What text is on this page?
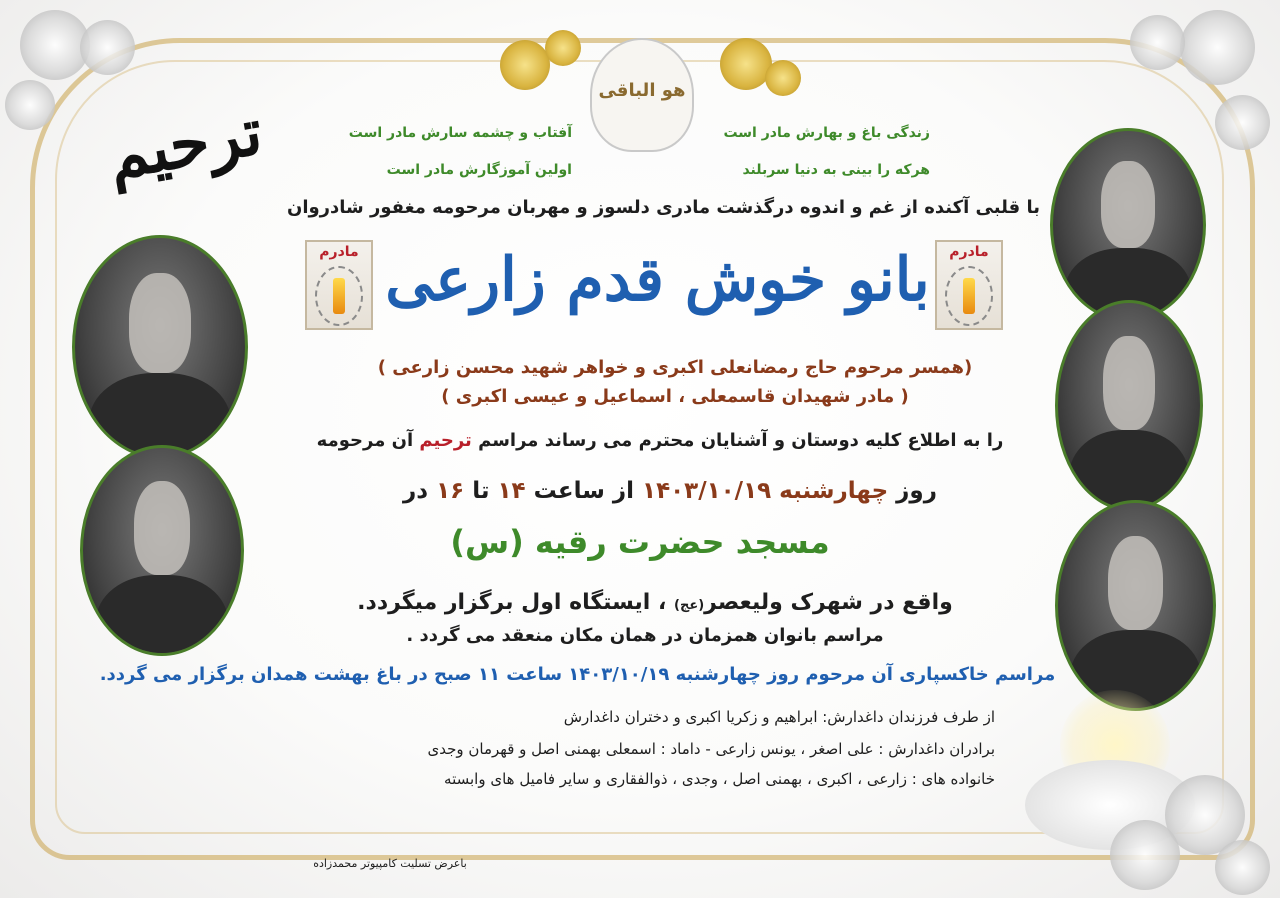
هو الباقی
ترحیم	آفتاب و چشمه سارش مادر است
اولین آموزگارش مادر است
زندگی باغ و بهارش مادر است
هرکه را بینی به دنیا سربلند
با قلبی آکنده از غم و اندوه درگذشت مادری دلسوز و مهربان مرحومه مغفور شادروان
مادرم بانو خوش قدم زارعی	مادرم
(همسر مرحوم حاج رمضانعلی اکبری و خواهر شهید محسن زارعی )
( مادر شهیدان قاسمعلی ، اسماعیل و عیسی اکبری )
را به اطلاع کلیه دوستان و آشنایان محترم می رساند مراسم ترحیم آن مرحومه
روز چهارشنبه ۱۴۰۳/۱۰/۱۹ از ساعت ۱۴ تا ۱۶ در
مسجد حضرت رقیه (س)
واقع در شهرک ولیعصر(عج) ، ایستگاه اول برگزار میگردد.
مراسم بانوان همزمان در همان مکان منعقد می گردد .
مراسم خاکسپاری آن مرحوم روز چهارشنبه ۱۴۰۳/۱۰/۱۹ ساعت ۱۱ صبح در باغ بهشت همدان برگزار می گردد.
از طرف فرزندان داغدارش: ابراهیم و زکریا اکبری و دختران داغدارش
برادران داغدارش : علی اصغر ، یونس زارعی - داماد : اسمعلی بهمنی اصل و قهرمان وجدی
خانواده های : زارعی ، اکبری ، بهمنی اصل ، وجدی ، ذوالفقاری و سایر فامیل های وابسته
باعرض تسلیت کامپیوتر محمدزاده
